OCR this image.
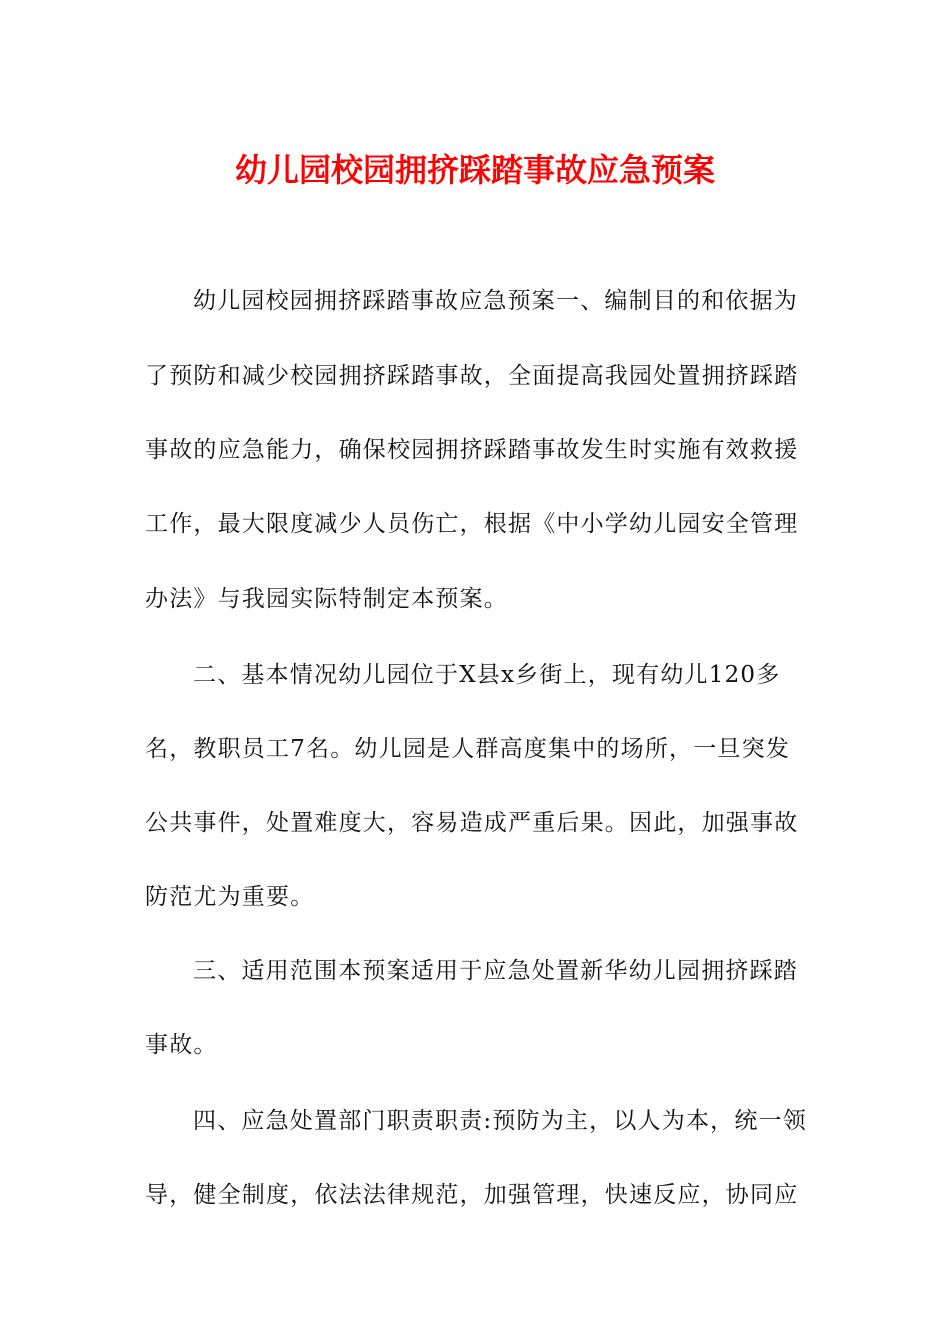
幼儿园校园拥挤踩踏事故应急预案
幼儿园校园拥挤踩踏事故应急预案一、编制目的和依据为
了预防和减少校园拥挤踩踏事故，全面提高我园处置拥挤踩踏
事故的应急能力，确保校园拥挤踩踏事故发生时实施有效救援
工作，最大限度减少人员伤亡，根据《中小学幼儿园安全管理
办法》与我园实际特制定本预案。
二、基本情况幼儿园位于X县x乡街上，现有幼儿120多
名，教职员工7名。幼儿园是人群高度集中的场所，一旦突发
公共事件，处置难度大，容易造成严重后果。因此，加强事故
防范尤为重要。
三、适用范围本预案适用于应急处置新华幼儿园拥挤踩踏
事故。
四、应急处置部门职责职责:预防为主，以人为本，统一领
导，健全制度，依法法律规范，加强管理，快速反应，协同应
